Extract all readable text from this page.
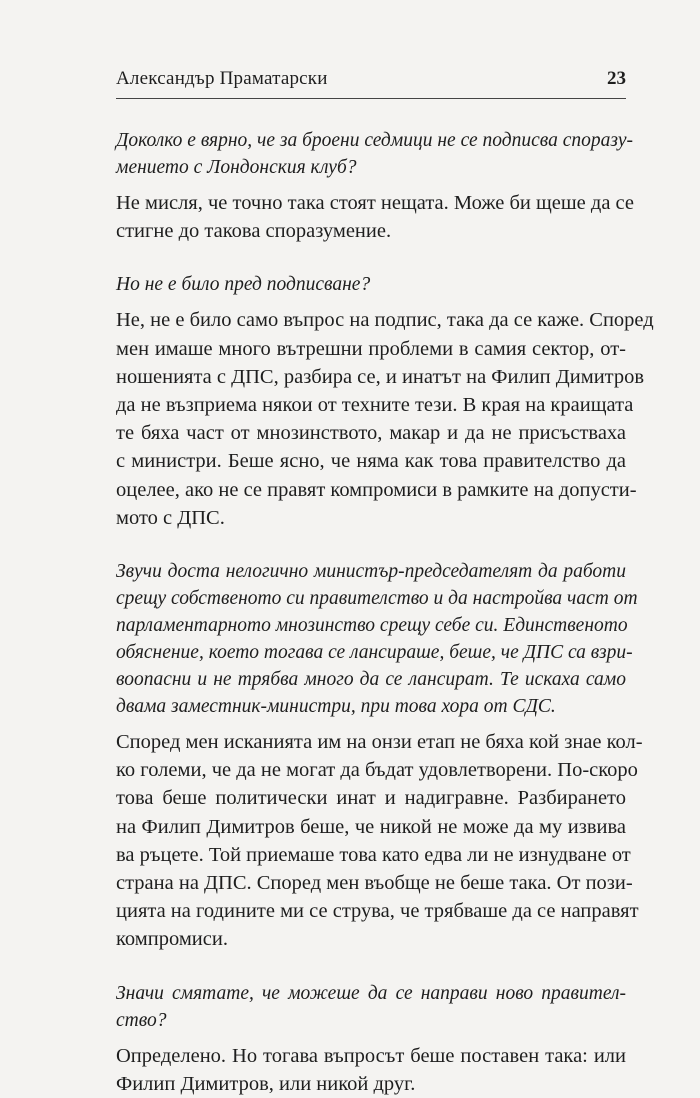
Александър Праматарски	23
Доколко е вярно, че за броени седмици не се подписва споразу-
мението с Лондонския клуб?
Не мисля, че точно така стоят нещата. Може би щеше да се
стигне до такова споразумение.
Но не е било пред подписване?
Не, не е било само въпрос на подпис, така да се каже. Според
мен имаше много вътрешни проблеми в самия сектор, от-
ношенията с ДПС, разбира се, и инатът на Филип Димитров
да не възприема някои от техните тези. В края на краищата
те бяха част от мнозинството, макар и да не присъстваха
с министри. Беше ясно, че няма как това правителство да
оцелее, ако не се правят компромиси в рамките на допусти-
мото с ДПС.
Звучи доста нелогично министър-председателят да работи
срещу собственото си правителство и да настройва част от
парламентарното мнозинство срещу себе си. Единственото
обяснение, което тогава се лансираше, беше, че ДПС са взри-
воопасни и не трябва много да се лансират. Те искаха само
двама заместник-министри, при това хора от СДС.
Според мен исканията им на онзи етап не бяха кой знае кол-
ко големи, че да не могат да бъдат удовлетворени. По-скоро
това беше политически инат и надигравне. Разбирането
на Филип Димитров беше, че никой не може да му извива
ва ръцете. Той приемаше това като едва ли не изнудване от
страна на ДПС. Според мен въобще не беше така. От пози-
цията на годините ми се струва, че трябваше да се направят
компромиси.
Значи смятате, че можеше да се направи ново правител-
ство?
Определено. Но тогава въпросът беше поставен така: или
Филип Димитров, или никой друг.
